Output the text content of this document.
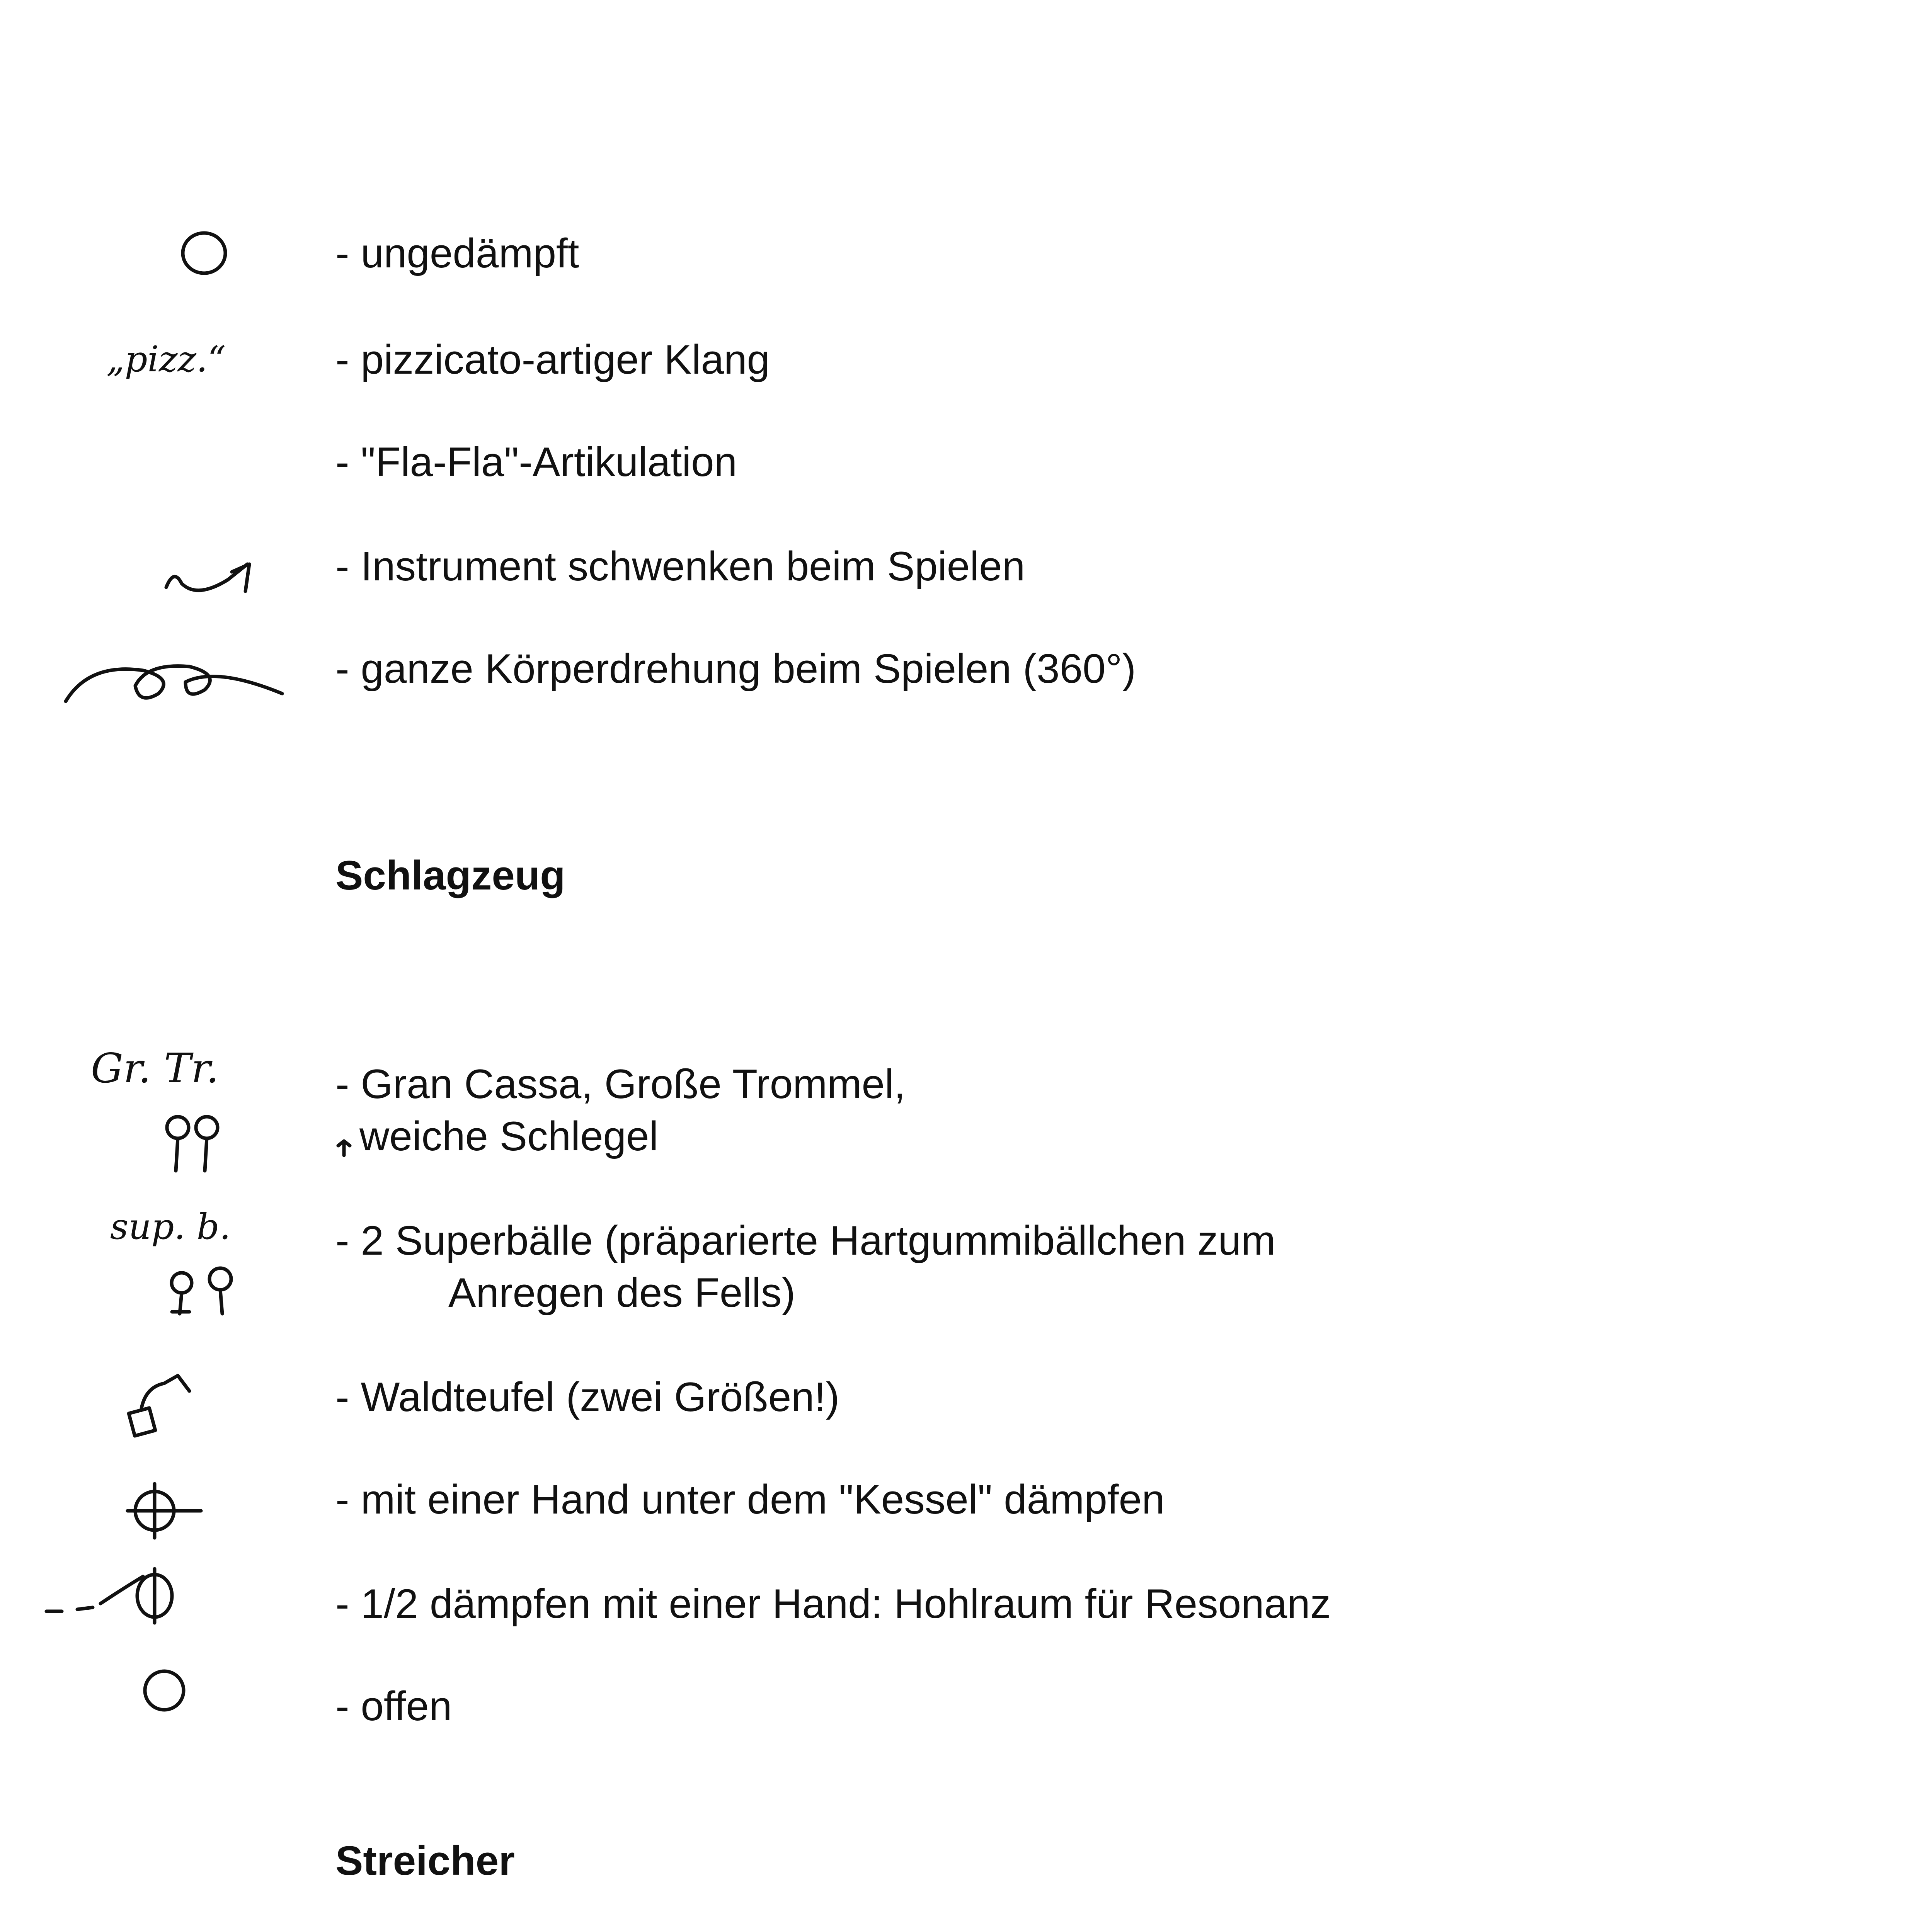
„pizz.“
Gr. Tr.
sup. b.
- ungedämpft
- pizzicato-artiger Klang
- "Fla-Fla"-Artikulation
- Instrument schwenken beim Spielen
- ganze Körperdrehung beim Spielen (360°)
Schlagzeug
- Gran Cassa, Große Trommel,
weiche Schlegel
- 2 Superbälle (präparierte Hartgummibällchen zum
Anregen des Fells)
- Waldteufel (zwei Größen!)
- mit einer Hand unter dem "Kessel" dämpfen
- 1/2 dämpfen mit einer Hand: Hohlraum für Resonanz
- offen
Streicher
